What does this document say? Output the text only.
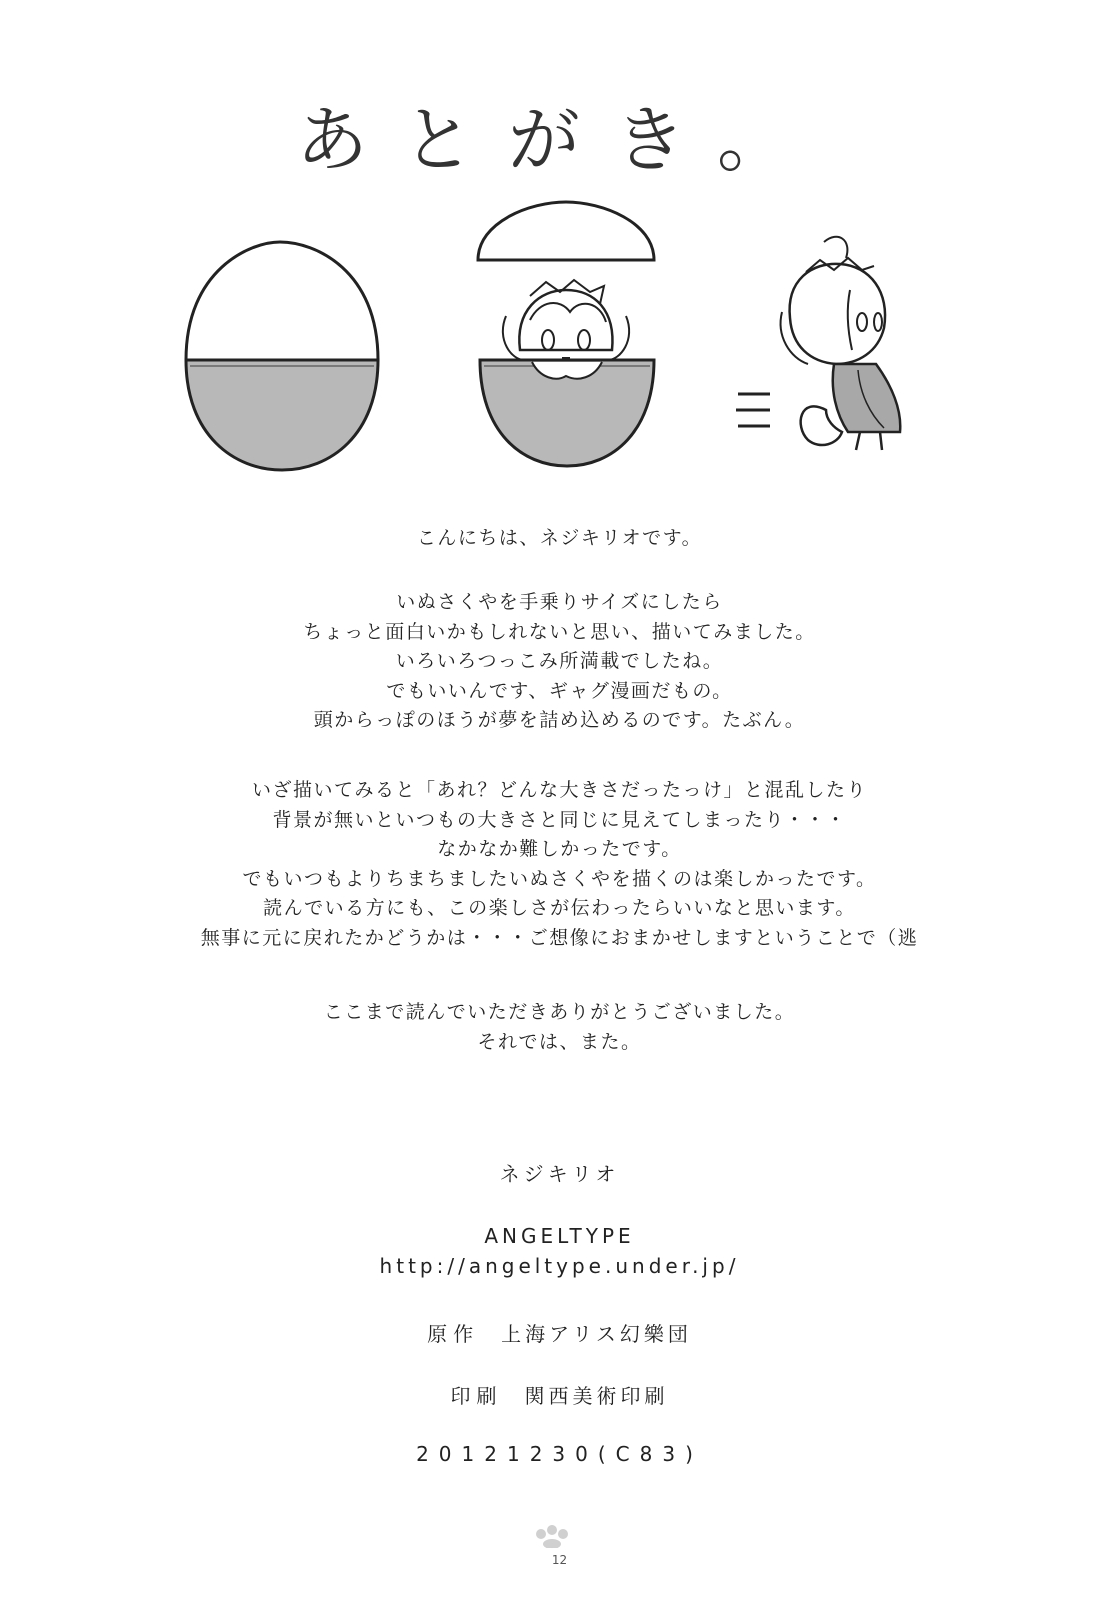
あとがき。

こんにちは、ネジキリオです。

いぬさくやを手乗りサイズにしたら

ちょっと面白いかもしれないと思い、描いてみました。

いろいろつっこみ所満載でしたね。

でもいいんです、ギャグ漫画だもの。

頭からっぽのほうが夢を詰め込めるのです。たぶん。

いざ描いてみると「あれ？どんな大きさだったっけ」と混乱したり

背景が無いといつもの大きさと同じに見えてしまったり・・・

なかなか難しかったです。

でもいつもよりちまちましたいぬさくやを描くのは楽しかったです。

読んでいる方にも、この楽しさが伝わったらいいなと思います。

無事に元に戻れたかどうかは・・・ご想像におまかせしますということで（逃

ここまで読んでいただきありがとうございました。

それでは、また。

ネジキリオ
ANGELTYPE
http://angeltype.under.jp/
原作 上海アリス幻樂団
印刷 関西美術印刷
20121230(C83)
12
